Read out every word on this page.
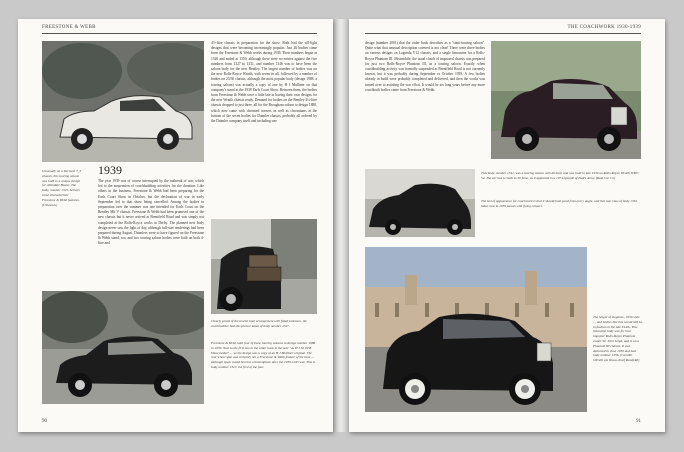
FREESTONE & WEBB

Unusually on a Derwent 7_5 chassis, this touring saloon was built to a unique design for Allendale House. The body, number 1325, betrays some characteristic Freestone & Webb features. (Unknown)

1939

The year 1939 was of course interrupted by the outbreak of war, which led to the suspension of coachbuilding activities for the duration. Like others in the business, Freestone & Webb had been preparing for the Earls Court Show in October, but the declaration of war in early September led to that show being cancelled. Among the bodies in preparation over the summer was one intended for Earls Court on the Bentley Mk V chassis. Freestone & Webb had been promised one of the new chassis but it never arrived at Brentfield Road and was simply not completed at the Rolls-Royce works in Derby. The planned new body design never saw the light of day, although full-size renderings had been prepared during August. Daimlers were to have figured on the Freestone & Webb stand, too, and two touring saloon bodies were built on both 4-litre and

4½-litre chassis in preparation for the show. Both had the sill-light designs that were becoming increasingly popular. Just 26 bodies came from the Freestone & Webb works during 1939. Their numbers began at 1320 and ended at 1350, although there were no entries against the five numbers from 1327 to 1331, and number 1346 was to have been the saloon body for the new Bentley. The largest number of bodies was on the new Rolls-Royce Wraith, with seven in all, followed by a number of bodies on 25/30 chassis, although the most popular body (design 1988, a touring saloon) was actually a copy of one by H J Mulliner on that company's stand at the 1938 Earls Court Show. Between them, the bodies from Freestone & Webb were a little late in having their own designs for the new Wraith chassis ready. Demand for bodies on the Bentley 4¼-litre chassis dropped to just three, all for the Brougham saloon to design 1880, which now came with chromed corners as well as chromiums at the bottom of the seven bodies for Daimler chassis, probably all ordered by the Daimler company itself and including one

Clearly proud of the tourist boot arrangement with fitted suitcases, the coachbuilder had this picture taken of body number 1327.

Freestone & Webb built four of these touring saloons to design number 1988 in 1939. Next to the first one in the order book is the note "As H J M 1938 Show model" — so the design was a copy of an H J Mulliner original. The rear wheel spat was certainly not a Freestone & Webb feature of the time — although spats would become commonplace after the 1939-1945 war. This is body number 1327, the first of the four.

90
THE COACHWORK 1930-1939

design (number 2001) that the order book describes as a "semi-touring saloon". Quite what that unusual description covered is not clear! There were three bodies on various designs on Lagonda V12 chassis, and a single limousine for a Rolls-Royce Phantom III. Meanwhile, the usual clutch of improved chassis was prepared for just two Rolls-Royce Phantom III, as a touring saloon. Exactly when coachbuilding activity was formally suspended at Brentfield Road is not currently known, but it was probably during September or October 1939. A few bodies already in build were probably completed and delivered, and then the works was turned over to assisting the war effort. It would be six long years before any more coachbuilt bodies came from Freestone & Webb.

This body, number 1341, was a touring saloon with division and was built in late 1939 on Rolls-Royce Wraith WMC 54. The car has a claim to 39 fame, as it appeared in a 1974 episode of Dad's Army. (Real Car Co)

The test of appearance for coachwork is that it should look good from every angle, and this rear view of body 1334 taken now in 1939 passes with flying colours.

The height of elegance, 1939-style — and bodies like this would still be in fashion in the late 1940s. This limousine body was for that imposter Rolls-Royce Phantom owner Sir John Leigh, and is on a Phantom III chassis. It was delivered in June 1939 and had body number 1336. (Camillo Olivetti via Klaus-Josef Rossfeldt)

91
